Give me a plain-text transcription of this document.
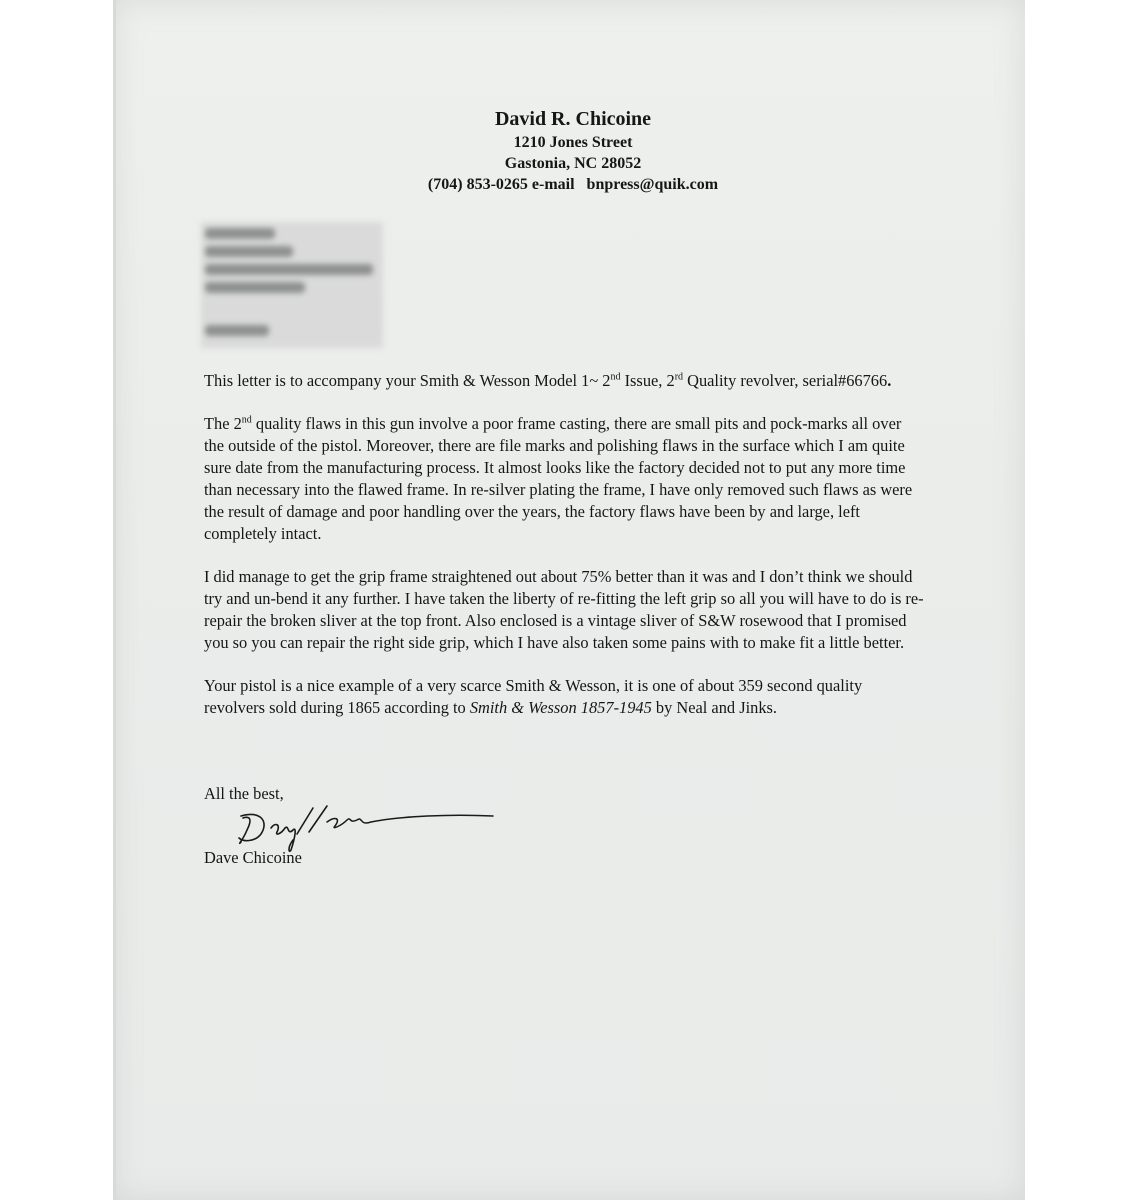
David R. Chicoine
1210 Jones Street
Gastonia, NC 28052
(704) 853-0265 e-mail   bnpress@quik.com

This letter is to accompany your Smith & Wesson Model 1~ 2nd Issue, 2rd Quality revolver, serial#66766.

The 2nd quality flaws in this gun involve a poor frame casting, there are small pits and pock-marks all over the outside of the pistol. Moreover, there are file marks and polishing flaws in the surface which I am quite sure date from the manufacturing process. It almost looks like the factory decided not to put any more time than necessary into the flawed frame. In re-silver plating the frame, I have only removed such flaws as were the result of damage and poor handling over the years, the factory flaws have been by and large, left completely intact.

I did manage to get the grip frame straightened out about 75% better than it was and I don’t think we should try and un-bend it any further. I have taken the liberty of re-fitting the left grip so all you will have to do is re-repair the broken sliver at the top front. Also enclosed is a vintage sliver of S&W rosewood that I promised you so you can repair the right side grip, which I have also taken some pains with to make fit a little better.

Your pistol is a nice example of a very scarce Smith & Wesson, it is one of about 359 second quality revolvers sold during 1865 according to Smith & Wesson 1857-1945 by Neal and Jinks.

All the best,
Dave Chicoine
